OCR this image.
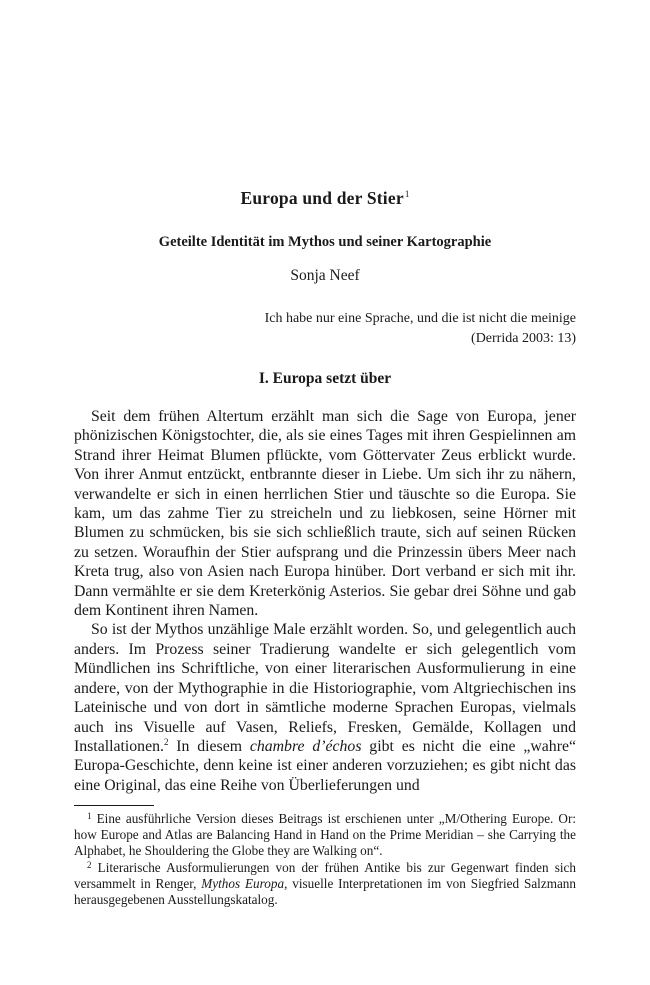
Europa und der Stier$^1$
Geteilte Identität im Mythos und seiner Kartographie
Sonja Neef
Ich habe nur eine Sprache, und die ist nicht die meinige
(Derrida 2003: 13)
I. Europa setzt über

Seit dem frühen Altertum erzählt man sich die Sage von Europa, jener phönizischen Königstochter, die, als sie eines Tages mit ihren Gespielinnen am Strand ihrer Heimat Blumen pflückte, vom Göttervater Zeus erblickt wurde. Von ihrer Anmut entzückt, entbrannte dieser in Liebe. Um sich ihr zu nähern, verwandelte er sich in einen herrlichen Stier und täuschte so die Europa. Sie kam, um das zahme Tier zu streicheln und zu liebkosen, seine Hörner mit Blumen zu schmücken, bis sie sich schließlich traute, sich auf seinen Rücken zu setzen. Woraufhin der Stier aufsprang und die Prinzessin übers Meer nach Kreta trug, also von Asien nach Europa hinüber. Dort verband er sich mit ihr. Dann vermählte er sie dem Kreterkönig Asterios. Sie gebar drei Söhne und gab dem Kontinent ihren Namen.

So ist der Mythos unzählige Male erzählt worden. So, und gelegentlich auch anders. Im Prozess seiner Tradierung wandelte er sich gelegentlich vom Mündlichen ins Schriftliche, von einer literarischen Ausformulierung in eine andere, von der Mythographie in die Historiographie, vom Altgriechischen ins Lateinische und von dort in sämtliche moderne Sprachen Europas, vielmals auch ins Visuelle auf Vasen, Reliefs, Fresken, Gemälde, Kollagen und Installationen.$^2$ In diesem chambre d’échos gibt es nicht die eine „wahre“ Europa-Geschichte, denn keine ist einer anderen vorzuziehen; es gibt nicht das eine Original, das eine Reihe von Überlieferungen und

$^1$ Eine ausführliche Version dieses Beitrags ist erschienen unter „M/Othering Europe. Or: how Europe and Atlas are Balancing Hand in Hand on the Prime Meridian – she Carrying the Alphabet, he Shouldering the Globe they are Walking on“.

$^2$ Literarische Ausformulierungen von der frühen Antike bis zur Gegenwart finden sich versammelt in Renger, Mythos Europa, visuelle Interpretationen im von Siegfried Salzmann herausgegebenen Ausstellungskatalog.
